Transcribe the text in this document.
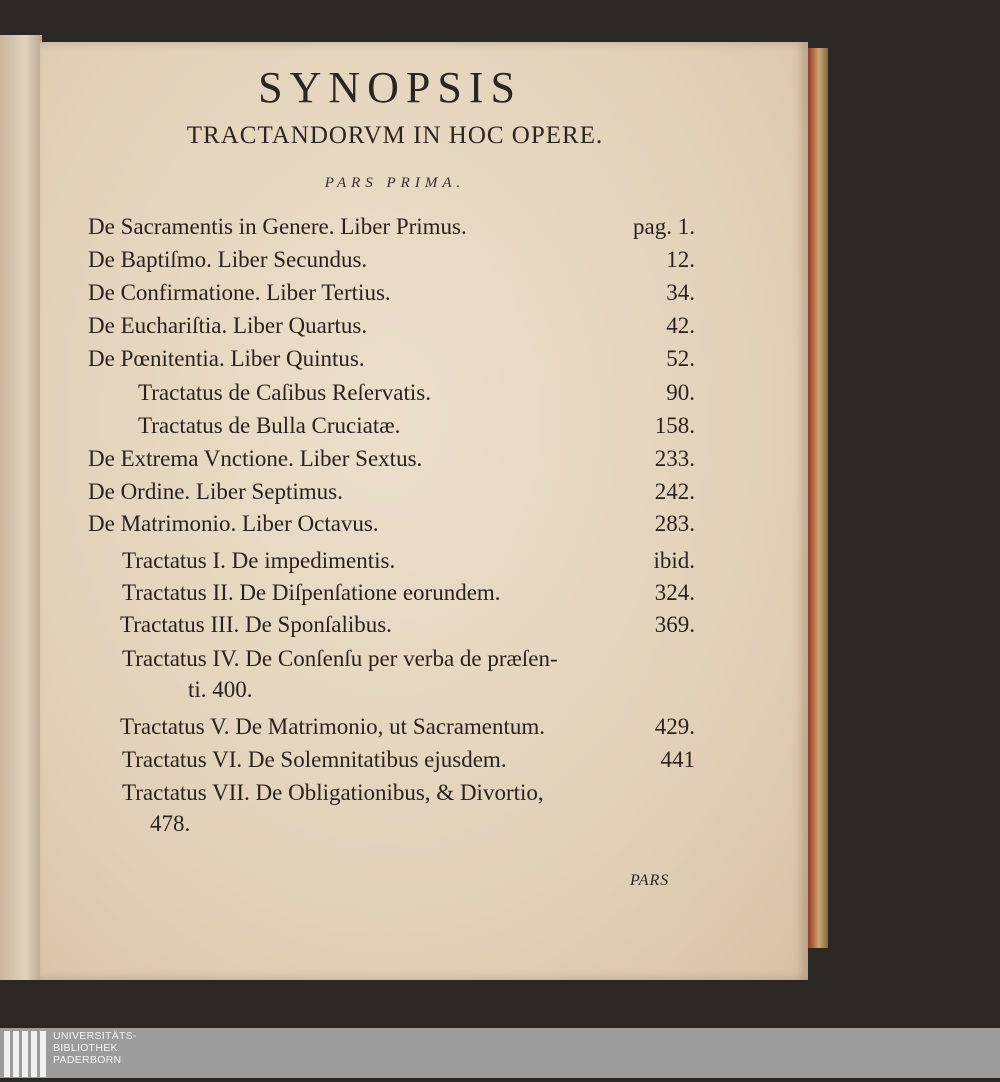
SYNOPSIS
TRACTANDORVM IN HOC OPERE.
PARS PRIMA.
De Sacramentis in Genere. Liber Primus.	pag. 1.
De Baptiſmo. Liber Secundus.	12.
De Confirmatione. Liber Tertius.	34.
De Euchariſtia. Liber Quartus.	42.
De Pœnitentia. Liber Quintus.	52.
Tractatus de Caſibus Reſervatis.	90.
Tractatus de Bulla Cruciatæ.	158.
De Extrema Vnctione. Liber Sextus.	233.
De Ordine. Liber Septimus.	242.
De Matrimonio. Liber Octavus.	283.
Tractatus I. De impedimentis.	ibid.
Tractatus II. De Diſpenſatione eorundem.	324.
Tractatus III. De Sponſalibus.	369.
Tractatus IV. De Conſenſu per verba de præſen-
ti. 400.
Tractatus V. De Matrimonio, ut Sacramentum.	429.
Tractatus VI. De Solemnitatibus ejusdem.	441
Tractatus VII. De Obligationibus, & Divortio,
478.
PARS
UNIVERSITÄTS-
BIBLIOTHEK
PADERBORN
